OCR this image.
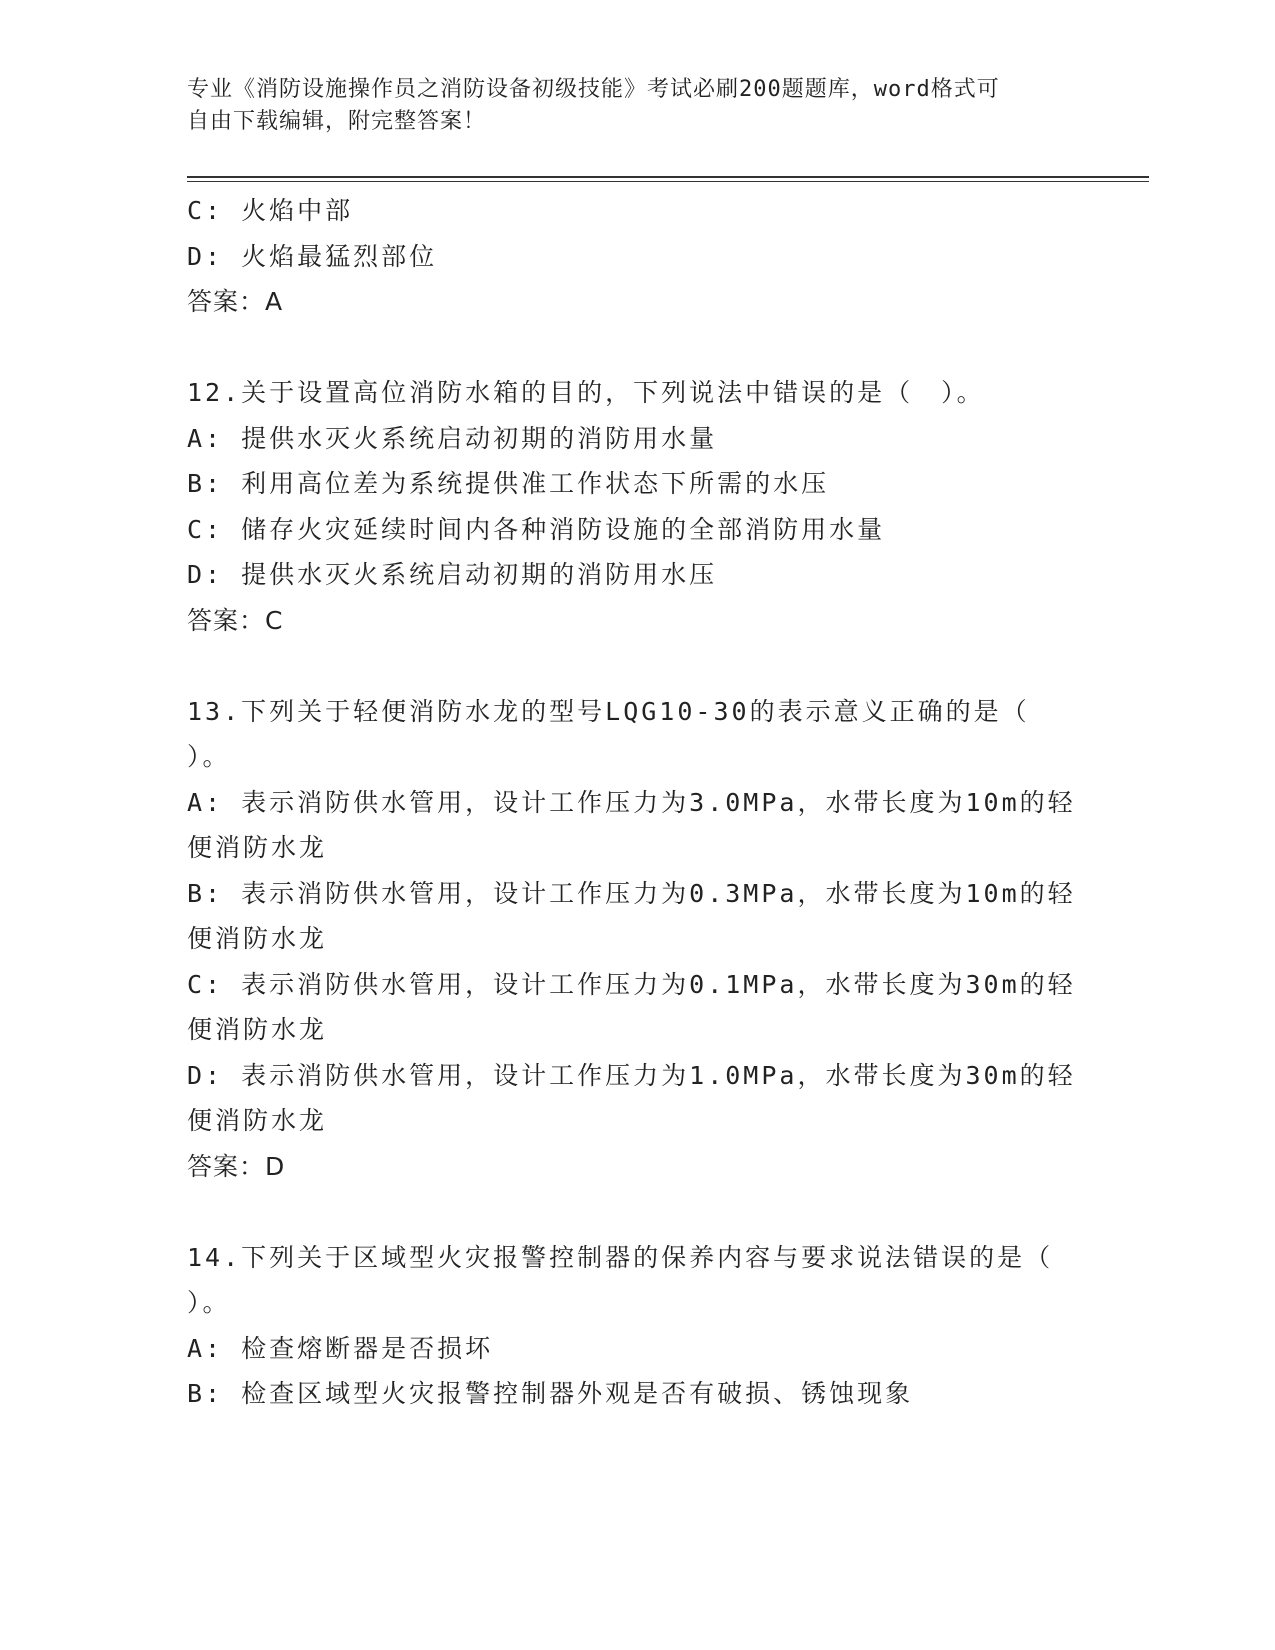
专业《消防设施操作员之消防设备初级技能》考试必刷200题题库，word格式可
自由下载编辑，附完整答案！
C: 火焰中部
D: 火焰最猛烈部位
答案：A
12.关于设置高位消防水箱的目的，下列说法中错误的是（　）。
A: 提供水灭火系统启动初期的消防用水量
B: 利用高位差为系统提供准工作状态下所需的水压
C: 储存火灾延续时间内各种消防设施的全部消防用水量
D: 提供水灭火系统启动初期的消防用水压
答案：C
13.下列关于轻便消防水龙的型号LQG10-30的表示意义正确的是（
）。
A: 表示消防供水管用，设计工作压力为3.0MPa，水带长度为10m的轻
便消防水龙
B: 表示消防供水管用，设计工作压力为0.3MPa，水带长度为10m的轻
便消防水龙
C: 表示消防供水管用，设计工作压力为0.1MPa，水带长度为30m的轻
便消防水龙
D: 表示消防供水管用，设计工作压力为1.0MPa，水带长度为30m的轻
便消防水龙
答案：D
14.下列关于区域型火灾报警控制器的保养内容与要求说法错误的是（
）。
A: 检查熔断器是否损坏
B: 检查区域型火灾报警控制器外观是否有破损、锈蚀现象
